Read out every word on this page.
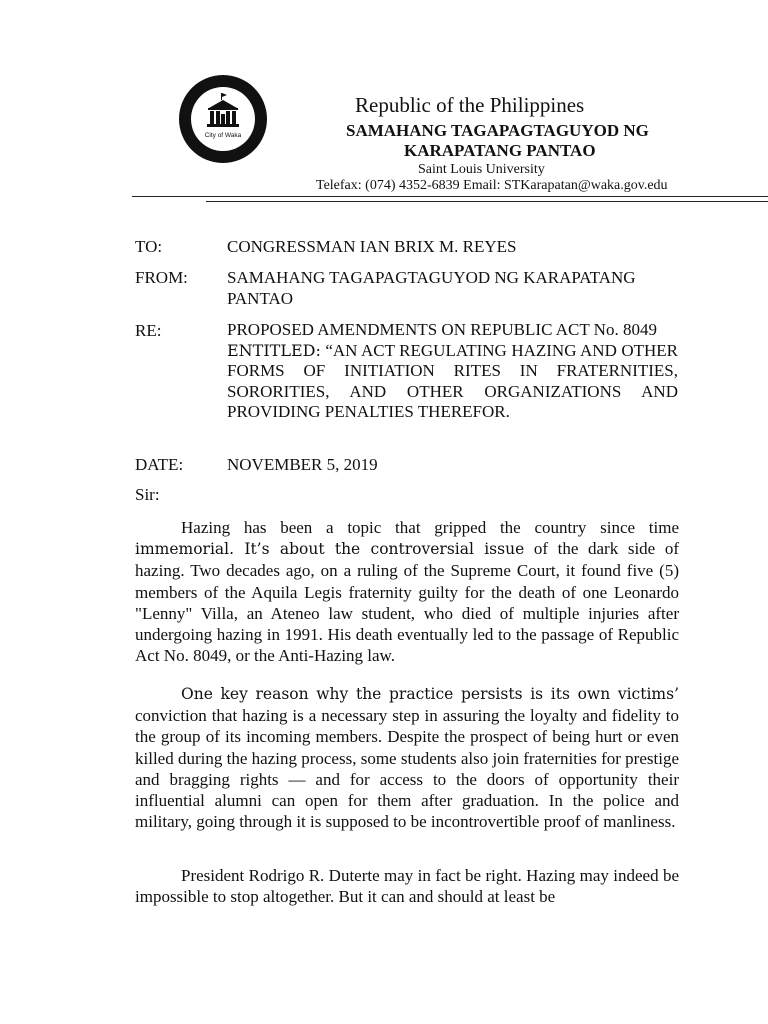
City of Waka
Republic of the Philippines
SAMAHANG TAGAPAGTAGUYOD NG
KARAPATANG PANTAO
Saint Louis University
Telefax: (074) 4352-6839 Email: STKarapatan@waka.gov.edu
TO:	CONGRESSMAN IAN BRIX M. REYES
FROM: SAMAHANG TAGAPAGTAGUYOD NG KARAPATANG PANTAO
RE:	PROPOSED AMENDMENTS ON REPUBLIC ACT No. 8049
ENTITLED: “AN ACT REGULATING HAZING AND OTHER FORMS OF INITIATION RITES IN FRATERNITIES, SORORITIES, AND OTHER ORGANIZATIONS AND PROVIDING PENALTIES THEREFOR.
DATE:	NOVEMBER 5, 2019
Sir:

Hazing has been a topic that gripped the country since time immemorial. It’s about the controversial issue of the dark side of hazing. Two decades ago, on a ruling of the Supreme Court, it found five (5) members of the Aquila Legis fraternity guilty for the death of one Leonardo "Lenny" Villa, an Ateneo law student, who died of multiple injuries after undergoing hazing in 1991. His death eventually led to the passage of Republic Act No. 8049, or the Anti-Hazing law.

One key reason why the practice persists is its own victims’ conviction that hazing is a necessary step in assuring the loyalty and fidelity to the group of its incoming members. Despite the prospect of being hurt or even killed during the hazing process, some students also join fraternities for prestige and bragging rights — and for access to the doors of opportunity their influential alumni can open for them after graduation. In the police and military, going through it is supposed to be incontrovertible proof of manliness.

President Rodrigo R. Duterte may in fact be right. Hazing may indeed be impossible to stop altogether. But it can and should at least be
